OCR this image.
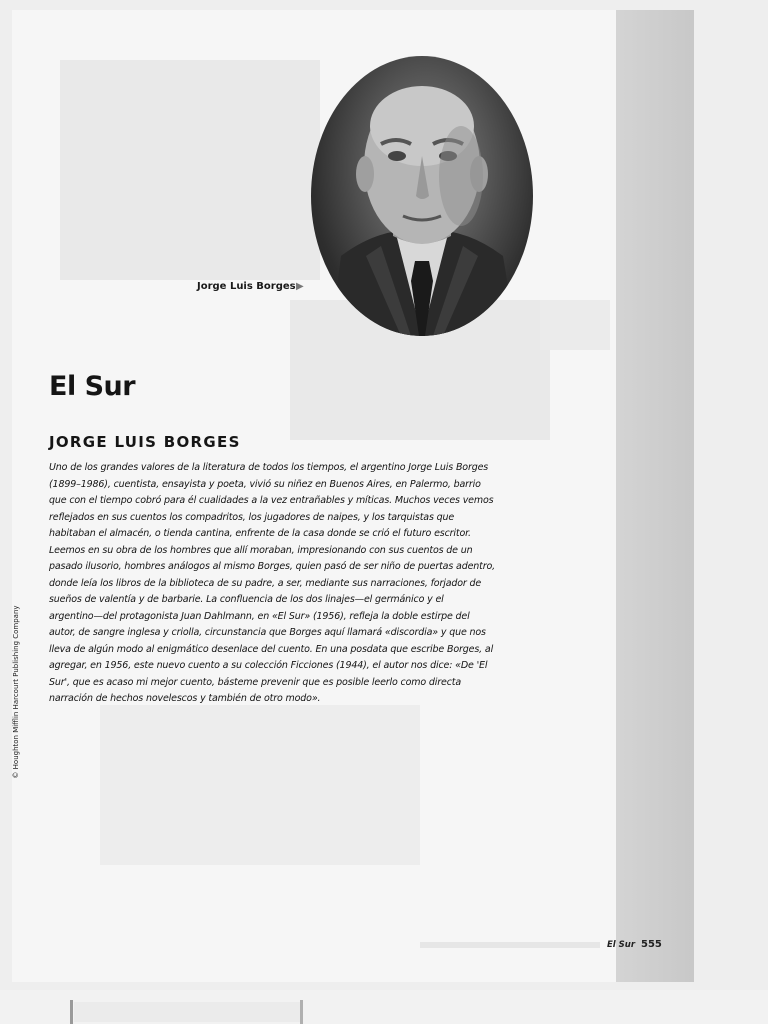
Jorge Luis Borges ▶
El Sur
JORGE LUIS BORGES

Uno de los grandes valores de la literatura de todos los tiempos, el argentino Jorge Luis Borges
(1899–1986), cuentista, ensayista y poeta, vivió su niñez en Buenos Aires, en Palermo, barrio
que con el tiempo cobró para él cualidades a la vez entrañables y míticas. Muchos veces vemos
reflejados en sus cuentos los compadritos, los jugadores de naipes, y los tarquistas que
habitaban el almacén, o tienda cantina, enfrente de la casa donde se crió el futuro escritor.
Leemos en su obra de los hombres que allí moraban, impresionando con sus cuentos de un
pasado ilusorio, hombres análogos al mismo Borges, quien pasó de ser niño de puertas adentro,
donde leía los libros de la biblioteca de su padre, a ser, mediante sus narraciones, forjador de
sueños de valentía y de barbarie. La confluencia de los dos linajes—el germánico y el
argentino—del protagonista Juan Dahlmann, en «El Sur» (1956), refleja la doble estirpe del
autor, de sangre inglesa y criolla, circunstancia que Borges aquí llamará «discordia» y que nos
lleva de algún modo al enigmático desenlace del cuento. En una posdata que escribe Borges, al
agregar, en 1956, este nuevo cuento a su colección Ficciones (1944), el autor nos dice: «De 'El
Sur', que es acaso mi mejor cuento, básteme prevenir que es posible leerlo como directa
narración de hechos novelescos y también de otro modo».

© Houghton Mifflin Harcourt Publishing Company
El Sur 555
